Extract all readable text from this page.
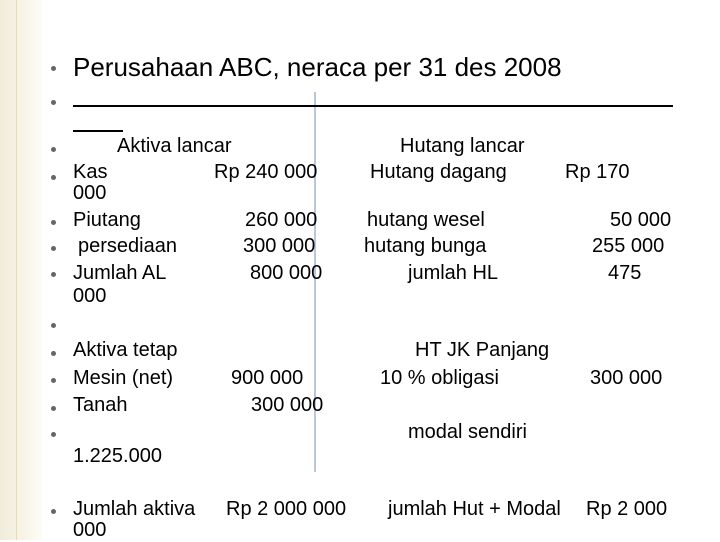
Perusahaan ABC, neraca per 31 des 2008
Aktiva lancar	Hutang lancar
Kas	Rp 240 000	Hutang dagang	Rp 170
000
Piutang	260 000 hutang wesel	50 000
persediaan	300 000 hutang bunga	255 000
Jumlah AL	800 000	jumlah HL	475
000
Aktiva tetap	HT JK Panjang
Mesin (net)	900 000	10 % obligasi	300 000
Tanah	300 000
modal sendiri
1.225.000
Jumlah aktiva Rp 2 000 000 jumlah Hut + Modal Rp 2 000
000
